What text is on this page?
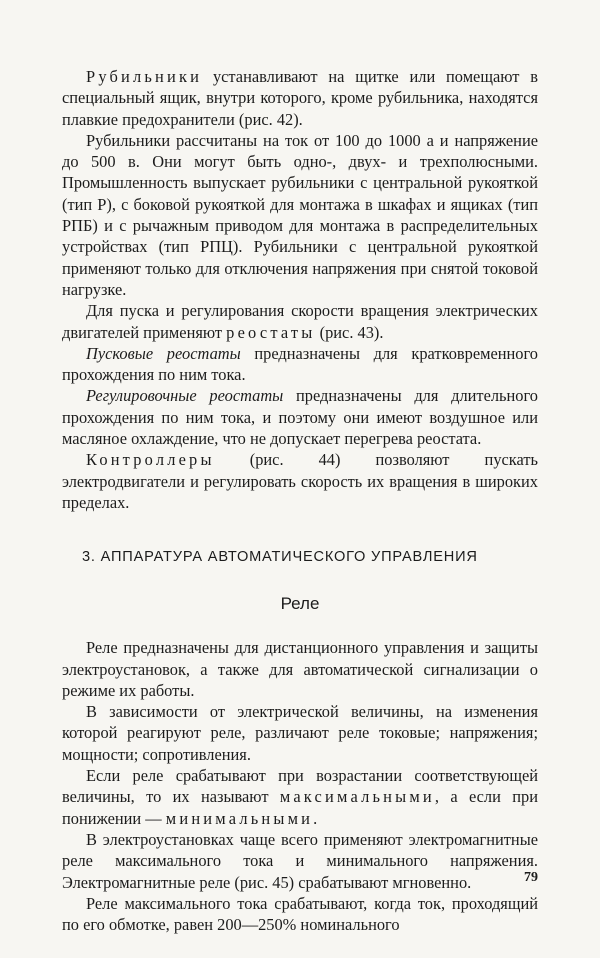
Рубильники устанавливают на щитке или помещают в специальный ящик, внутри которого, кроме рубильника, находятся плавкие предохранители (рис. 42).

Рубильники рассчитаны на ток от 100 до 1000 а и напряжение до 500 в. Они могут быть одно-, двух- и трехполюсными. Промышленность выпускает рубильники с центральной рукояткой (тип Р), с боковой рукояткой для монтажа в шкафах и ящиках (тип РПБ) и с рычажным приводом для монтажа в распределительных устройствах (тип РПЦ). Рубильники с центральной рукояткой применяют только для отключения напряжения при снятой токовой нагрузке.

Для пуска и регулирования скорости вращения электрических двигателей применяют реостаты (рис. 43).

Пусковые реостаты предназначены для кратковременного прохождения по ним тока.

Регулировочные реостаты предназначены для длительного прохождения по ним тока, и поэтому они имеют воздушное или масляное охлаждение, что не допускает перегрева реостата.

Контроллеры (рис. 44) позволяют пускать электродвигатели и регулировать скорость их вращения в широких пределах.

3. АППАРАТУРА АВТОМАТИЧЕСКОГО УПРАВЛЕНИЯ
Реле

Реле предназначены для дистанционного управления и защиты электроустановок, а также для автоматической сигнализации о режиме их работы.

В зависимости от электрической величины, на изменения которой реагируют реле, различают реле токовые; напряжения; мощности; сопротивления.

Если реле срабатывают при возрастании соответствующей величины, то их называют максимальными, а если при понижении — минимальными.

В электроустановках чаще всего применяют электромагнитные реле максимального тока и минимального напряжения. Электромагнитные реле (рис. 45) срабатывают мгновенно.

Реле максимального тока срабатывают, когда ток, проходящий по его обмотке, равен 200—250% номинального

79
